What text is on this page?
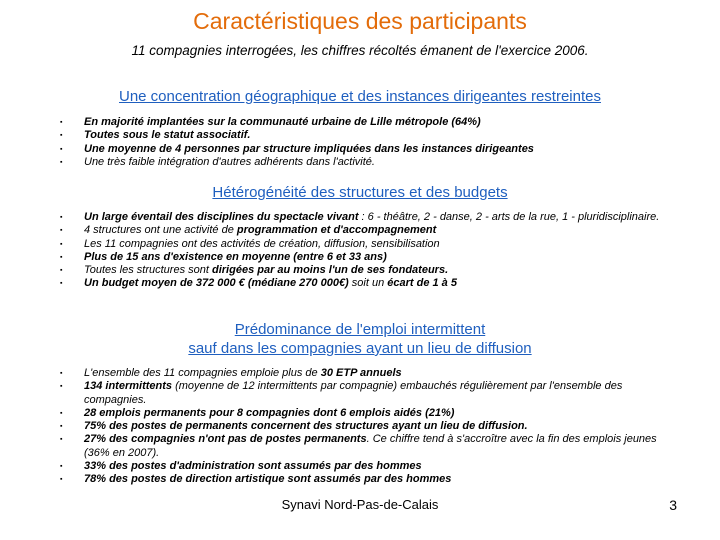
Caractéristiques des participants
11 compagnies interrogées, les chiffres récoltés émanent de l'exercice 2006.
Une concentration géographique et des instances dirigeantes restreintes
▪ En majorité implantées sur la communauté urbaine de Lille métropole (64%)
▪ Toutes sous le statut associatif.
▪ Une moyenne de 4 personnes par structure impliquées dans les instances dirigeantes
▪ Une très faible intégration d'autres adhérents dans l'activité.
Hétérogénéité des structures et des budgets
▪ Un large éventail des disciplines du spectacle vivant : 6 - théâtre, 2 - danse, 2 - arts de la rue, 1 - pluridisciplinaire.
▪ 4 structures ont une activité de programmation et d'accompagnement
▪ Les 11 compagnies ont des activités de création, diffusion, sensibilisation
▪ Plus de 15 ans d'existence en moyenne (entre 6 et 33 ans)
▪ Toutes les structures sont dirigées par au moins l'un de ses fondateurs.
▪ Un budget moyen de 372 000 € (médiane 270 000€) soit un écart de 1 à 5
Prédominance de l'emploi intermittent
sauf dans les compagnies ayant un lieu de diffusion
▪ L'ensemble des 11 compagnies emploie plus de 30 ETP annuels
▪ 134 intermittents (moyenne de 12 intermittents par compagnie) embauchés régulièrement par l'ensemble des compagnies.
▪ 28 emplois permanents pour 8 compagnies dont 6 emplois aidés (21%)
▪ 75% des postes de permanents concernent des structures ayant un lieu de diffusion.
▪ 27% des compagnies n'ont pas de postes permanents. Ce chiffre tend à s'accroître avec la fin des emplois jeunes (36% en 2007).
▪ 33% des postes d'administration sont assumés par des hommes
▪ 78% des postes de direction artistique sont assumés par des hommes
Synavi Nord-Pas-de-Calais	3
